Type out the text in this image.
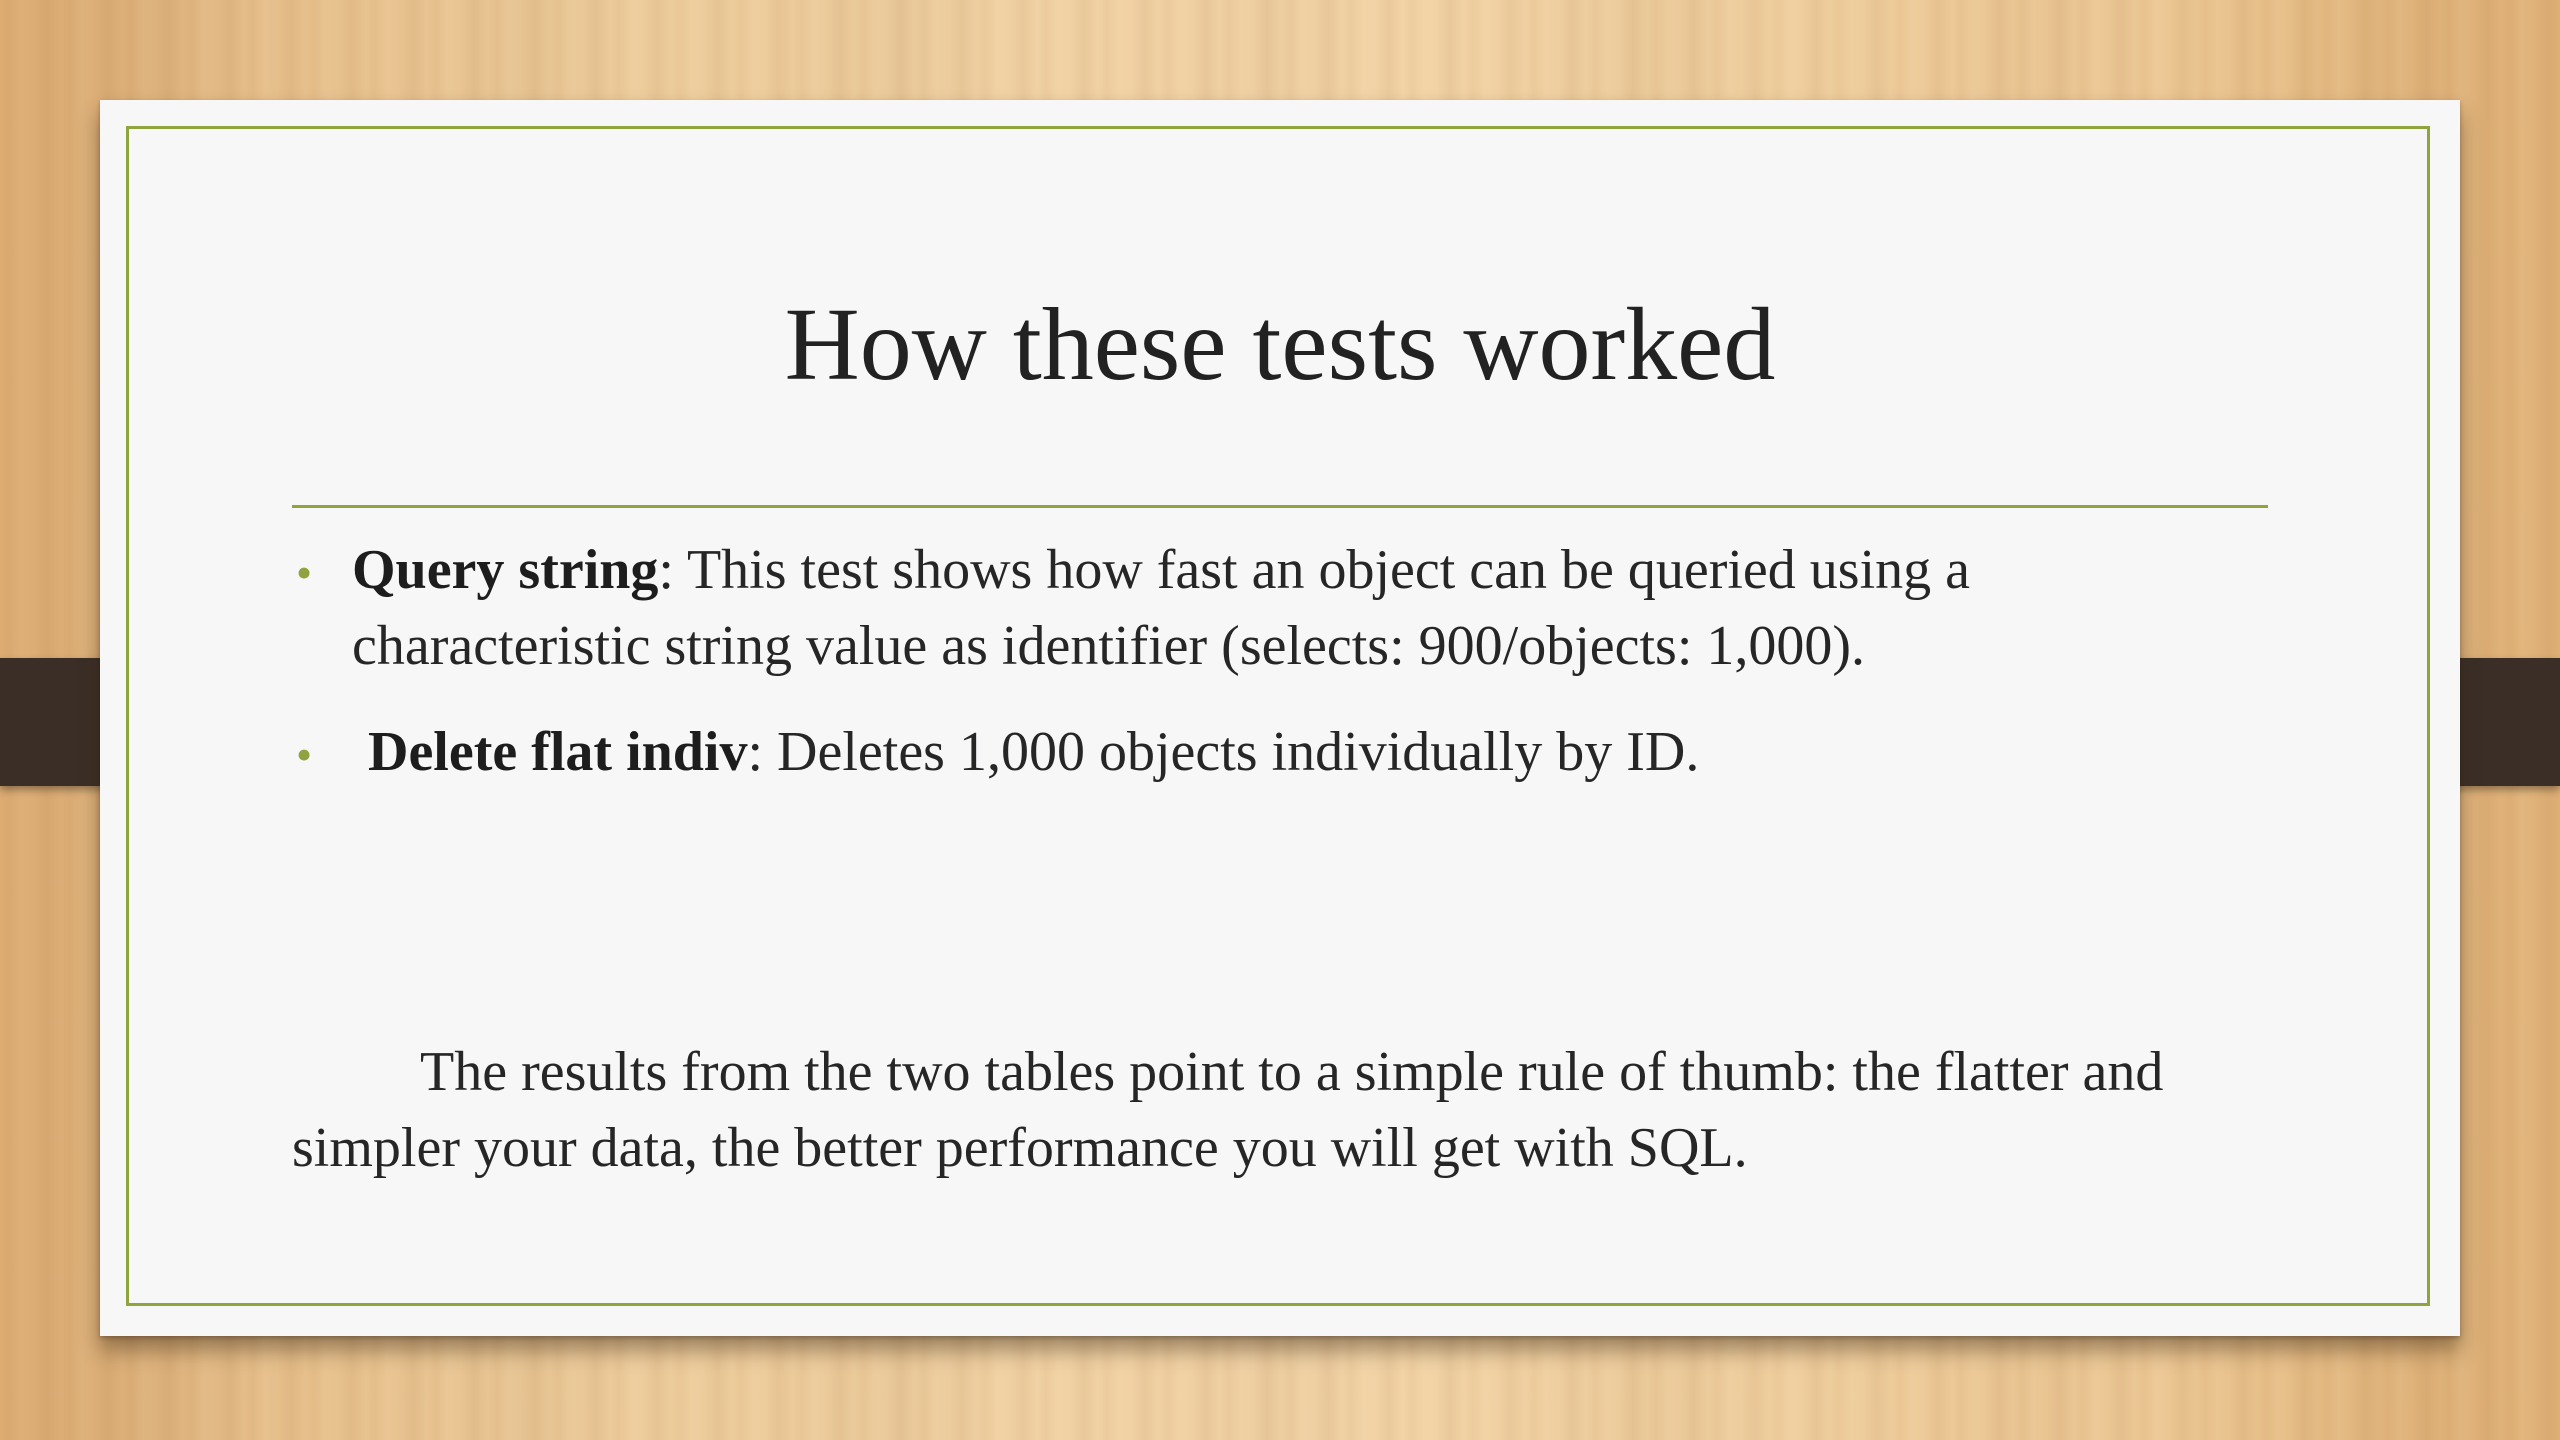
How these tests worked
• Query string: This test shows how fast an object can be queried using a characteristic string value as identifier (selects: 900/objects: 1,000).
• Delete flat indiv: Deletes 1,000 objects individually by ID.

The results from the two tables point to a simple rule of thumb: the flatter and simpler your data, the better performance you will get with SQL.
